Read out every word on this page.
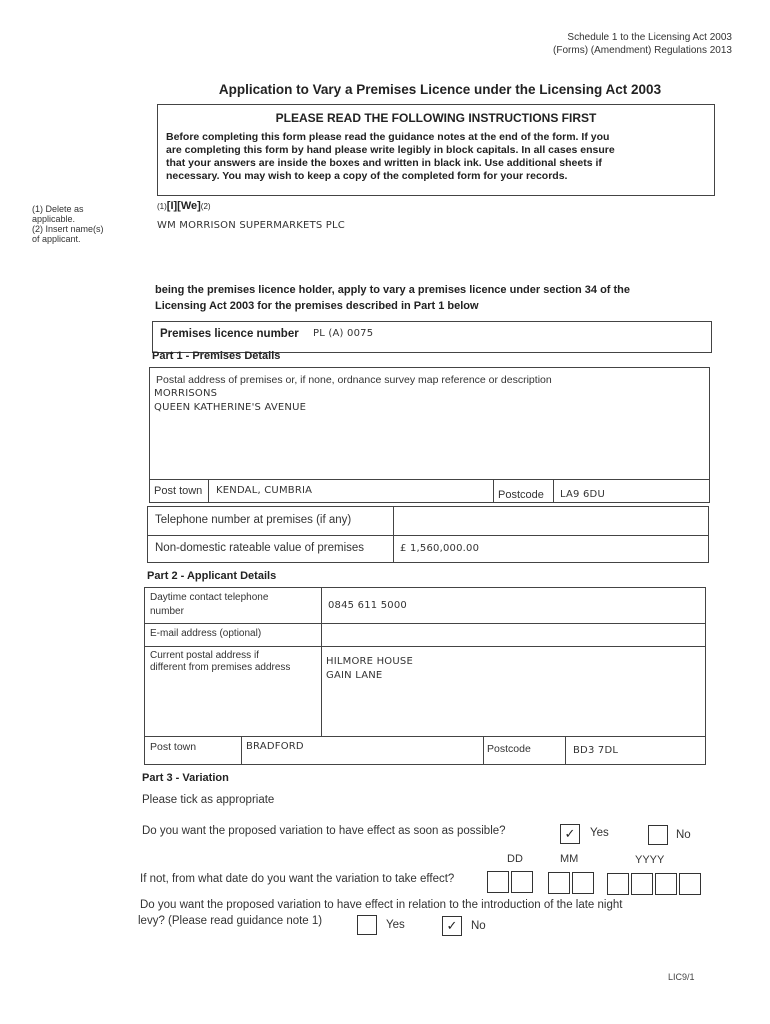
Schedule 1 to the Licensing Act 2003
(Forms) (Amendment) Regulations 2013
Application to Vary a Premises Licence under the Licensing Act 2003
PLEASE READ THE FOLLOWING INSTRUCTIONS FIRST
Before completing this form please read the guidance notes at the end of the form. If you
are completing this form by hand please write legibly in block capitals. In all cases ensure
that your answers are inside the boxes and written in black ink. Use additional sheets if
necessary. You may wish to keep a copy of the completed form for your records.
(1) Delete as
applicable.
(2) Insert name(s)
of applicant.
(1)[I][We](2)
WM MORRISON SUPERMARKETS PLC
being the premises licence holder, apply to vary a premises licence under section 34 of the
Licensing Act 2003 for the premises described in Part 1 below
Premises licence number PL (A) 0075
Part 1 - Premises Details
Postal address of premises or, if none, ordnance survey map reference or description
MORRISONS
QUEEN KATHERINE'S AVENUE
Post town KENDAL, CUMBRIA	Postcode LA9 6DU
Telephone number at premises (if any)
Non-domestic rateable value of premises	£ 1,560,000.00
Part 2 - Applicant Details
Daytime contact telephone
number
0845 611 5000
E-mail address (optional)
Current postal address if
different from premises address
HILMORE HOUSE
GAIN LANE
Post town	BRADFORD	Postcode	BD3 7DL
Part 3 - Variation
Please tick as appropriate
Do you want the proposed variation to have effect as soon as possible?	✓	Yes	No
DD	MM	YYYY
If not, from what date do you want the variation to take effect?
Do you want the proposed variation to have effect in relation to the introduction of the late night
levy? (Please read guidance note 1)	Yes	✓	No
LIC9/1
